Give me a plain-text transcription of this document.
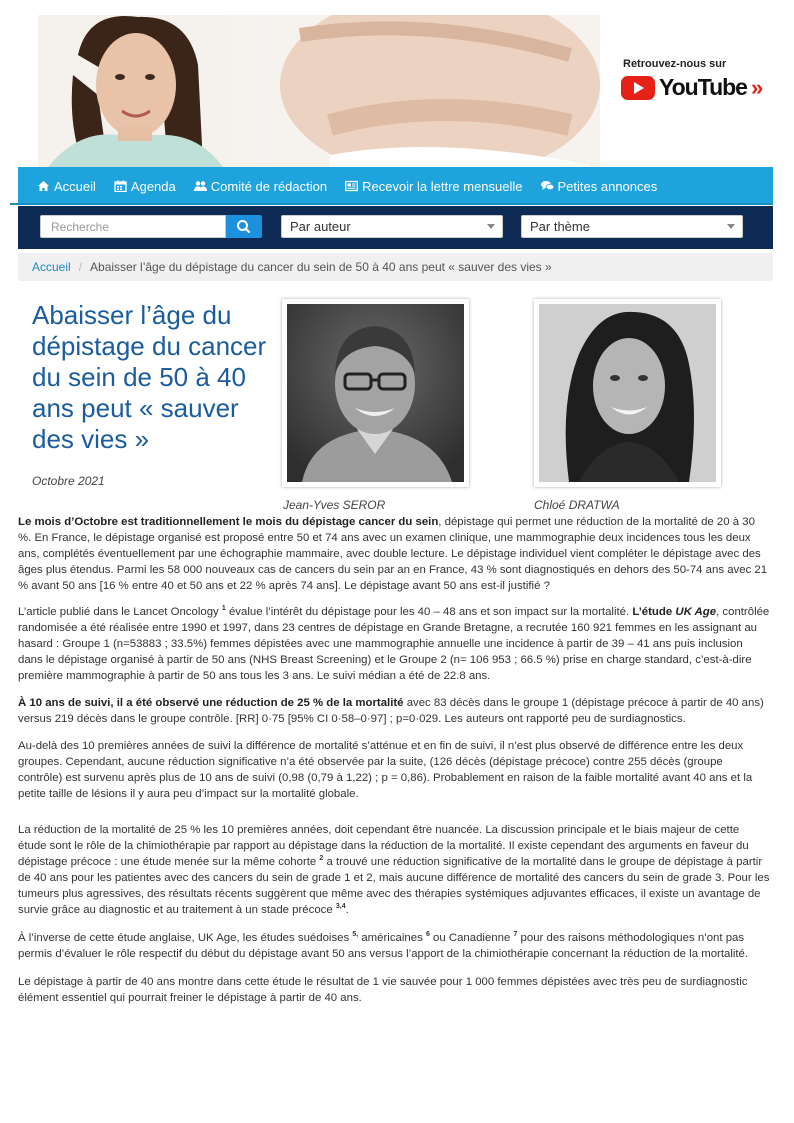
Retrouvez-nous sur
YouTube »
Accueil	Agenda	Comité de rédaction	Recevoir la lettre mensuelle	Petites annonces
Recherche	Par auteur	Par thème
Accueil / Abaisser l’âge du dépistage du cancer du sein de 50 à 40 ans peut « sauver des vies »
Abaisser l’âge du dépistage du cancer du sein de 50 à 40 ans peut « sauver des vies »
Octobre 2021
Jean-Yves SEROR	Chloé DRATWA

Le mois d’Octobre est traditionnellement le mois du dépistage cancer du sein, dépistage qui permet une réduction de la mortalité de 20 à 30 %. En France, le dépistage organisé est proposé entre 50 et 74 ans avec un examen clinique, une mammographie deux incidences tous les deux ans, complétés éventuellement par une échographie mammaire, avec double lecture. Le dépistage individuel vient compléter le dépistage avec des âges plus étendus. Parmi les 58 000 nouveaux cas de cancers du sein par an en France, 43 % sont diagnostiqués en dehors des 50-74 ans avec 21 % avant 50 ans [16 % entre 40 et 50 ans et 22 % après 74 ans]. Le dépistage avant 50 ans est-il justifié ?

L’article publié dans le Lancet Oncology $^1$ évalue l’intérêt du dépistage pour les 40 – 48 ans et son impact sur la mortalité. L’étude UK Age, contrôlée randomisée a été réalisée entre 1990 et 1997, dans 23 centres de dépistage en Grande Bretagne, a recrutée 160 921 femmes en les assignant au hasard : Groupe 1 (n=53883 ; 33.5%) femmes dépistées avec une mammographie annuelle une incidence à partir de 39 – 41 ans puis inclusion dans le dépistage organisé à partir de 50 ans (NHS Breast Screening) et le Groupe 2 (n= 106 953 ; 66.5 %) prise en charge standard, c’est-à-dire première mammographie à partir de 50 ans tous les 3 ans. Le suivi médian a été de 22.8 ans.

À 10 ans de suivi, il a été observé une réduction de 25 % de la mortalité avec 83 décès dans le groupe 1 (dépistage précoce à partir de 40 ans) versus 219 décès dans le groupe contrôle. [RR] 0·75 [95% CI 0·58–0·97] ; p=0·029. Les auteurs ont rapporté peu de surdiagnostics.

Au-delà des 10 premières années de suivi la différence de mortalité s’atténue et en fin de suivi, il n’est plus observé de différence entre les deux groupes. Cependant, aucune réduction significative n’a été observée par la suite, (126 décès (dépistage précoce) contre 255 décès (groupe contrôle) est survenu après plus de 10 ans de suivi (0,98 (0,79 à 1,22) ; p = 0,86). Probablement en raison de la faible mortalité avant 40 ans et la petite taille de lésions il y aura peu d’impact sur la mortalité globale.

La réduction de la mortalité de 25 % les 10 premières années, doit cependant être nuancée. La discussion principale et le biais majeur de cette étude sont le rôle de la chimiothérapie par rapport au dépistage dans la réduction de la mortalité. Il existe cependant des arguments en faveur du dépistage précoce : une étude menée sur la même cohorte $^2$ a trouvé une réduction significative de la mortalité dans le groupe de dépistage à partir de 40 ans pour les patientes avec des cancers du sein de grade 1 et 2, mais aucune différence de mortalité des cancers du sein de grade 3. Pour les tumeurs plus agressives, des résultats récents suggèrent que même avec des thérapies systémiques adjuvantes efficaces, il existe un avantage de survie grâce au diagnostic et au traitement à un stade précoce $^{3,4}$.

À l’inverse de cette étude anglaise, UK Age, les études suédoises $^{5,}$ américaines $^6$ ou Canadienne $^7$ pour des raisons méthodologiques n’ont pas permis d’évaluer le rôle respectif du début du dépistage avant 50 ans versus l’apport de la chimiothérapie concernant la réduction de la mortalité.

Le dépistage à partir de 40 ans montre dans cette étude le résultat de 1 vie sauvée pour 1 000 femmes dépistées avec très peu de surdiagnostic élément essentiel qui pourrait freiner le dépistage à partir de 40 ans.
